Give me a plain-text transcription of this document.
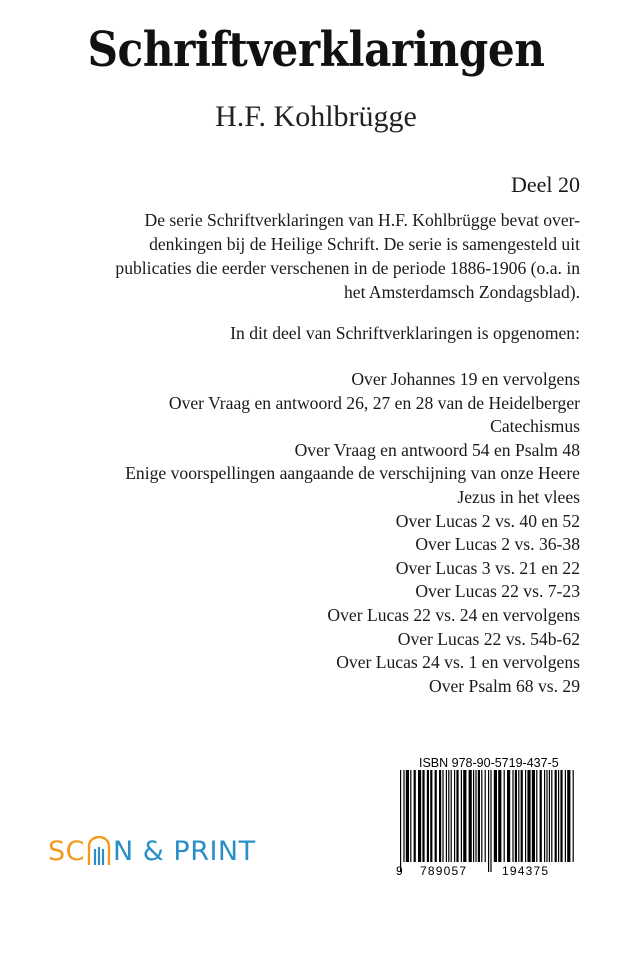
Schriftverklaringen
H.F. Kohlbrügge
Deel 20
De serie Schriftverklaringen van H.F. Kohlbrügge bevat over-
denkingen bij de Heilige Schrift. De serie is samengesteld uit
publicaties die eerder verschenen in de periode 1886-1906 (o.a. in
het Amsterdamsch Zondagsblad).
In dit deel van Schriftverklaringen is opgenomen:
Over Johannes 19 en vervolgens
Over Vraag en antwoord 26, 27 en 28 van de Heidelberger
Catechismus
Over Vraag en antwoord 54 en Psalm 48
Enige voorspellingen aangaande de verschijning van onze Heere
Jezus in het vlees
Over Lucas 2 vs. 40 en 52
Over Lucas 2 vs. 36-38
Over Lucas 3 vs. 21 en 22
Over Lucas 22 vs. 7-23
Over Lucas 22 vs. 24 en vervolgens
Over Lucas 22 vs. 54b-62
Over Lucas 24 vs. 1 en vervolgens
Over Psalm 68 vs. 29
ISBN 978-90-5719-437-5
9 789057	194375
SC N & PRINT
